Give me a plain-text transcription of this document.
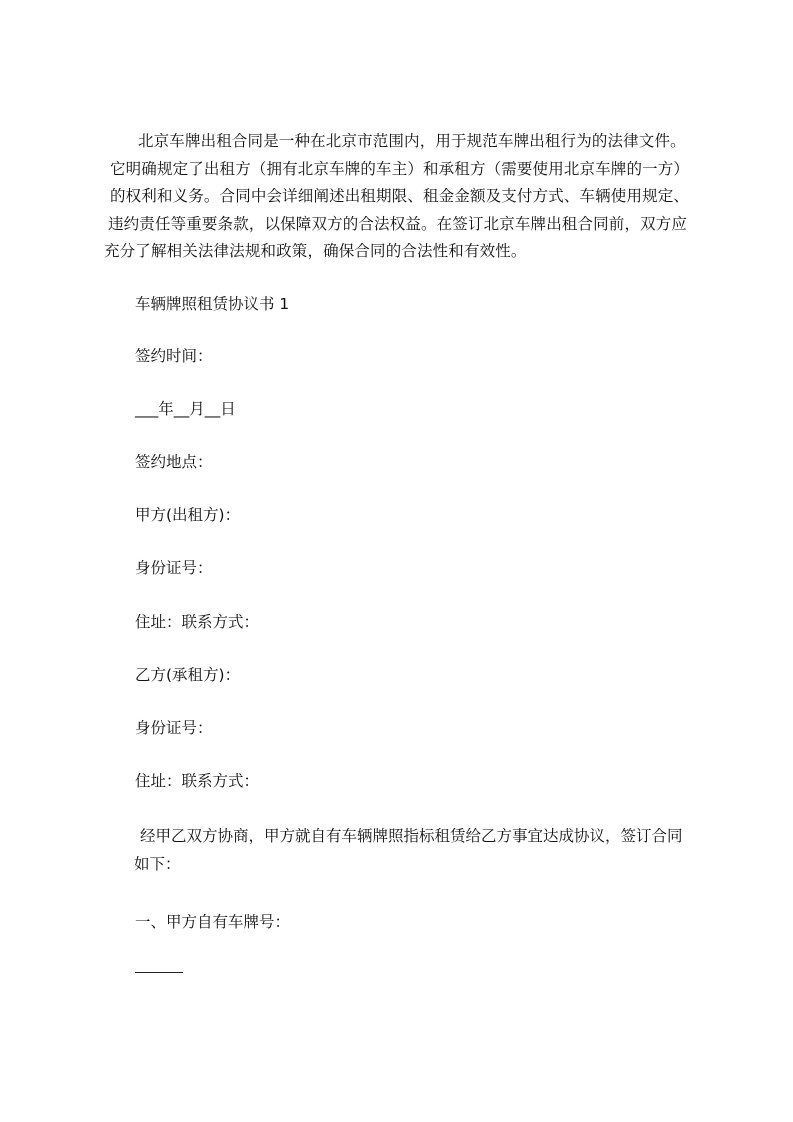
北京车牌出租合同是一种在北京市范围内，用于规范车牌出租行为的法律文件。
它明确规定了出租方（拥有北京车牌的车主）和承租方（需要使用北京车牌的一方）
的权利和义务。合同中会详细阐述出租期限、租金金额及支付方式、车辆使用规定、
违约责任等重要条款，以保障双方的合法权益。在签订北京车牌出租合同前，双方应
充分了解相关法律法规和政策，确保合同的合法性和有效性。

车辆牌照租赁协议书 1

签约时间：

___年__月__日

签约地点：

甲方(出租方)：

身份证号：

住址：联系方式：

乙方(承租方)：

身份证号：

住址：联系方式：

经甲乙双方协商，甲方就自有车辆牌照指标租赁给乙方事宜达成协议，签订合同
如下：

一、甲方自有车牌号：
